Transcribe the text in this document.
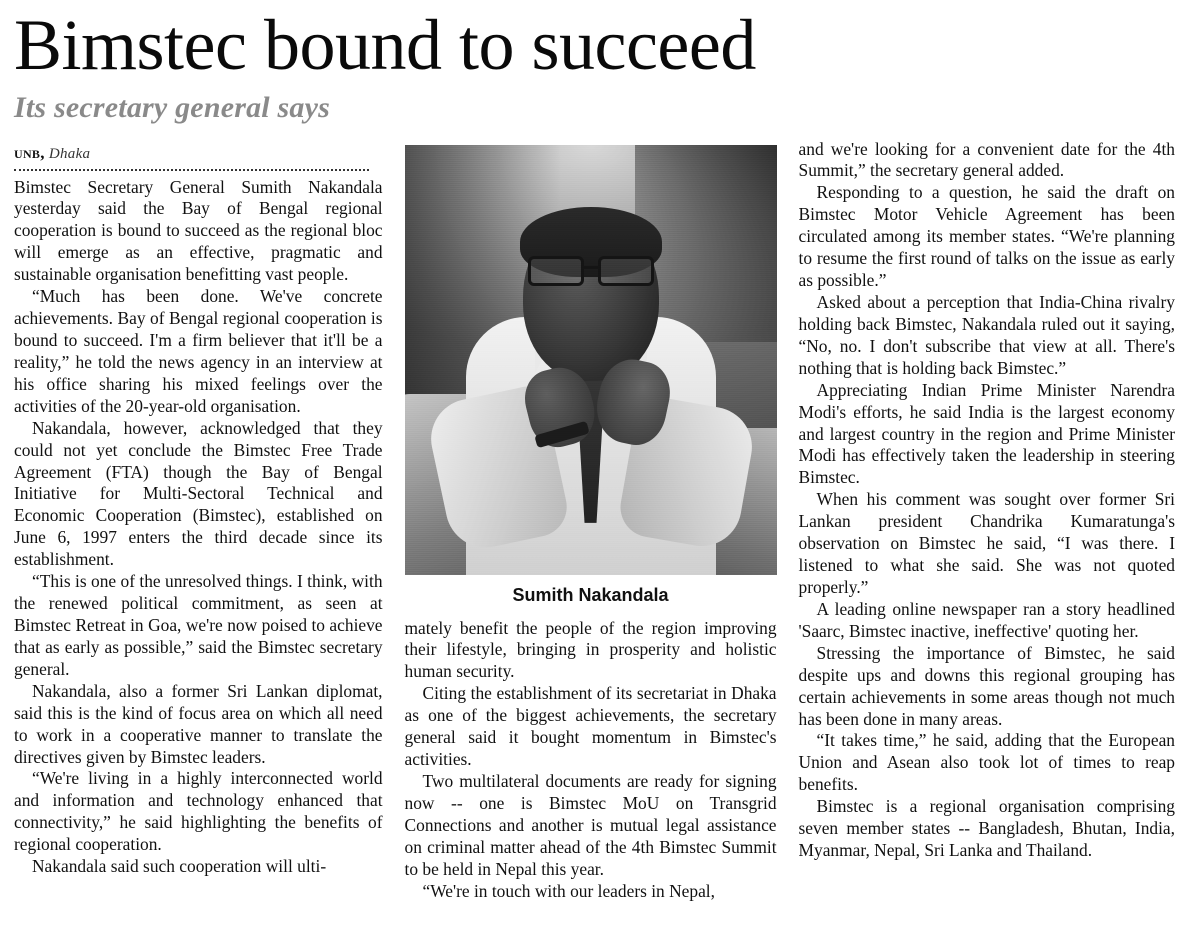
Bimstec bound to succeed
Its secretary general says
unb, Dhaka

Bimstec Secretary General Sumith Nakandala yesterday said the Bay of Bengal regional cooperation is bound to succeed as the regional bloc will emerge as an effective, pragmatic and sustainable organisation benefitting vast people.

“Much has been done. We've concrete achievements. Bay of Bengal regional cooperation is bound to succeed. I'm a firm believer that it'll be a reality,” he told the news agency in an interview at his office sharing his mixed feelings over the activities of the 20-year-old organisation.

Nakandala, however, acknowledged that they could not yet conclude the Bimstec Free Trade Agreement (FTA) though the Bay of Bengal Initiative for Multi-Sectoral Technical and Economic Cooperation (Bimstec), established on June 6, 1997 enters the third decade since its establishment.

“This is one of the unresolved things. I think, with the renewed political commitment, as seen at Bimstec Retreat in Goa, we're now poised to achieve that as early as possible,” said the Bimstec secretary general.

Nakandala, also a former Sri Lankan diplomat, said this is the kind of focus area on which all need to work in a cooperative manner to translate the directives given by Bimstec leaders.

“We're living in a highly interconnected world and information and technology enhanced that connectivity,” he said highlighting the benefits of regional cooperation.

Nakandala said such cooperation will ulti-

Sumith Nakandala

mately benefit the people of the region improving their lifestyle, bringing in prosperity and holistic human security.

Citing the establishment of its secretariat in Dhaka as one of the biggest achievements, the secretary general said it bought momentum in Bimstec's activities.

Two multilateral documents are ready for signing now -- one is Bimstec MoU on Transgrid Connections and another is mutual legal assistance on criminal matter ahead of the 4th Bimstec Summit to be held in Nepal this year.

“We're in touch with our leaders in Nepal,

and we're looking for a convenient date for the 4th Summit,” the secretary general added.

Responding to a question, he said the draft on Bimstec Motor Vehicle Agreement has been circulated among its member states. “We're planning to resume the first round of talks on the issue as early as possible.”

Asked about a perception that India-China rivalry holding back Bimstec, Nakandala ruled out it saying, “No, no. I don't subscribe that view at all. There's nothing that is holding back Bimstec.”

Appreciating Indian Prime Minister Narendra Modi's efforts, he said India is the largest economy and largest country in the region and Prime Minister Modi has effectively taken the leadership in steering Bimstec.

When his comment was sought over former Sri Lankan president Chandrika Kumaratunga's observation on Bimstec he said, “I was there. I listened to what she said. She was not quoted properly.”

A leading online newspaper ran a story headlined 'Saarc, Bimstec inactive, ineffective' quoting her.

Stressing the importance of Bimstec, he said despite ups and downs this regional grouping has certain achievements in some areas though not much has been done in many areas.

“It takes time,” he said, adding that the European Union and Asean also took lot of times to reap benefits.

Bimstec is a regional organisation comprising seven member states -- Bangladesh, Bhutan, India, Myanmar, Nepal, Sri Lanka and Thailand.
